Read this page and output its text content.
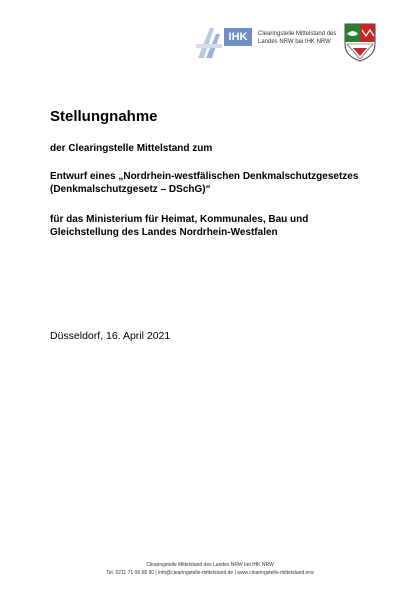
IHK	Clearingstelle Mittelstand des
Landes NRW bei IHK NRW
Stellungnahme
der Clearingstelle Mittelstand zum
Entwurf eines „Nordrhein-westfälischen Denkmalschutzgesetzes
(Denkmalschutzgesetz – DSchG)“
für das Ministerium für Heimat, Kommunales, Bau und
Gleichstellung des Landes Nordrhein-Westfalen
Düsseldorf, 16. April 2021
Clearingstelle Mittelstand des Landes NRW bei IHK NRW
Tel. 0211 71 06 68 90 | info@clearingstelle-mittelstand.de | www.clearingstelle-mittelstand.nrw
